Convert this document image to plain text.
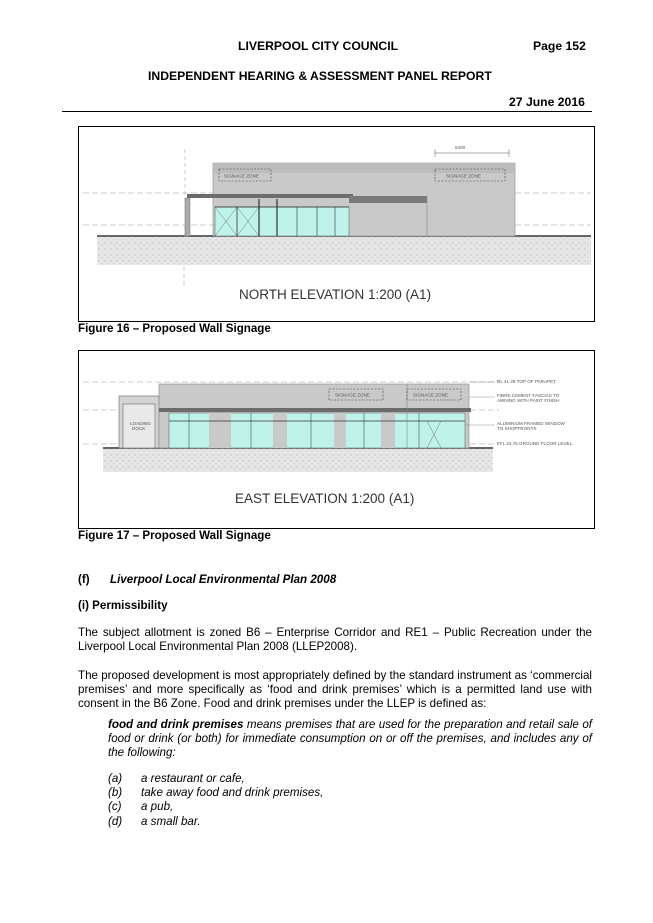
LIVERPOOL CITY COUNCIL	Page 152
INDEPENDENT HEARING & ASSESSMENT PANEL REPORT
27 June 2016
SIGNAGE ZONE	SIGNAGE ZONE
6400
NORTH ELEVATION 1:200 (A1)
Figure 16 – Proposed Wall Signage
LOADING
DOCK
SIGNAGE ZONE	SIGNAGE ZONE
RL 41.25 TOP OF PARAPET
FIBRE CEMENT FASCIAS TO
AWNING WITH PAINT FINISH
ALUMINIUM FRAMED WINDOW
TO SHOPFRONTS
FFL 34.75 GROUND FLOOR LEVEL
EAST ELEVATION 1:200 (A1)
Figure 17 – Proposed Wall Signage
(f) Liverpool Local Environmental Plan 2008
(i) Permissibility

The subject allotment is zoned B6 – Enterprise Corridor and RE1 – Public Recreation under the Liverpool Local Environmental Plan 2008 (LLEP2008).

The proposed development is most appropriately defined by the standard instrument as ‘commercial premises’ and more specifically as ‘food and drink premises’ which is a permitted land use with consent in the B6 Zone. Food and drink premises under the LLEP is defined as:

food and drink premises means premises that are used for the preparation and retail sale of food or drink (or both) for immediate consumption on or off the premises, and includes any of the following:

(a) a restaurant or cafe,
(b) take away food and drink premises,
(c) a pub,
(d) a small bar.
